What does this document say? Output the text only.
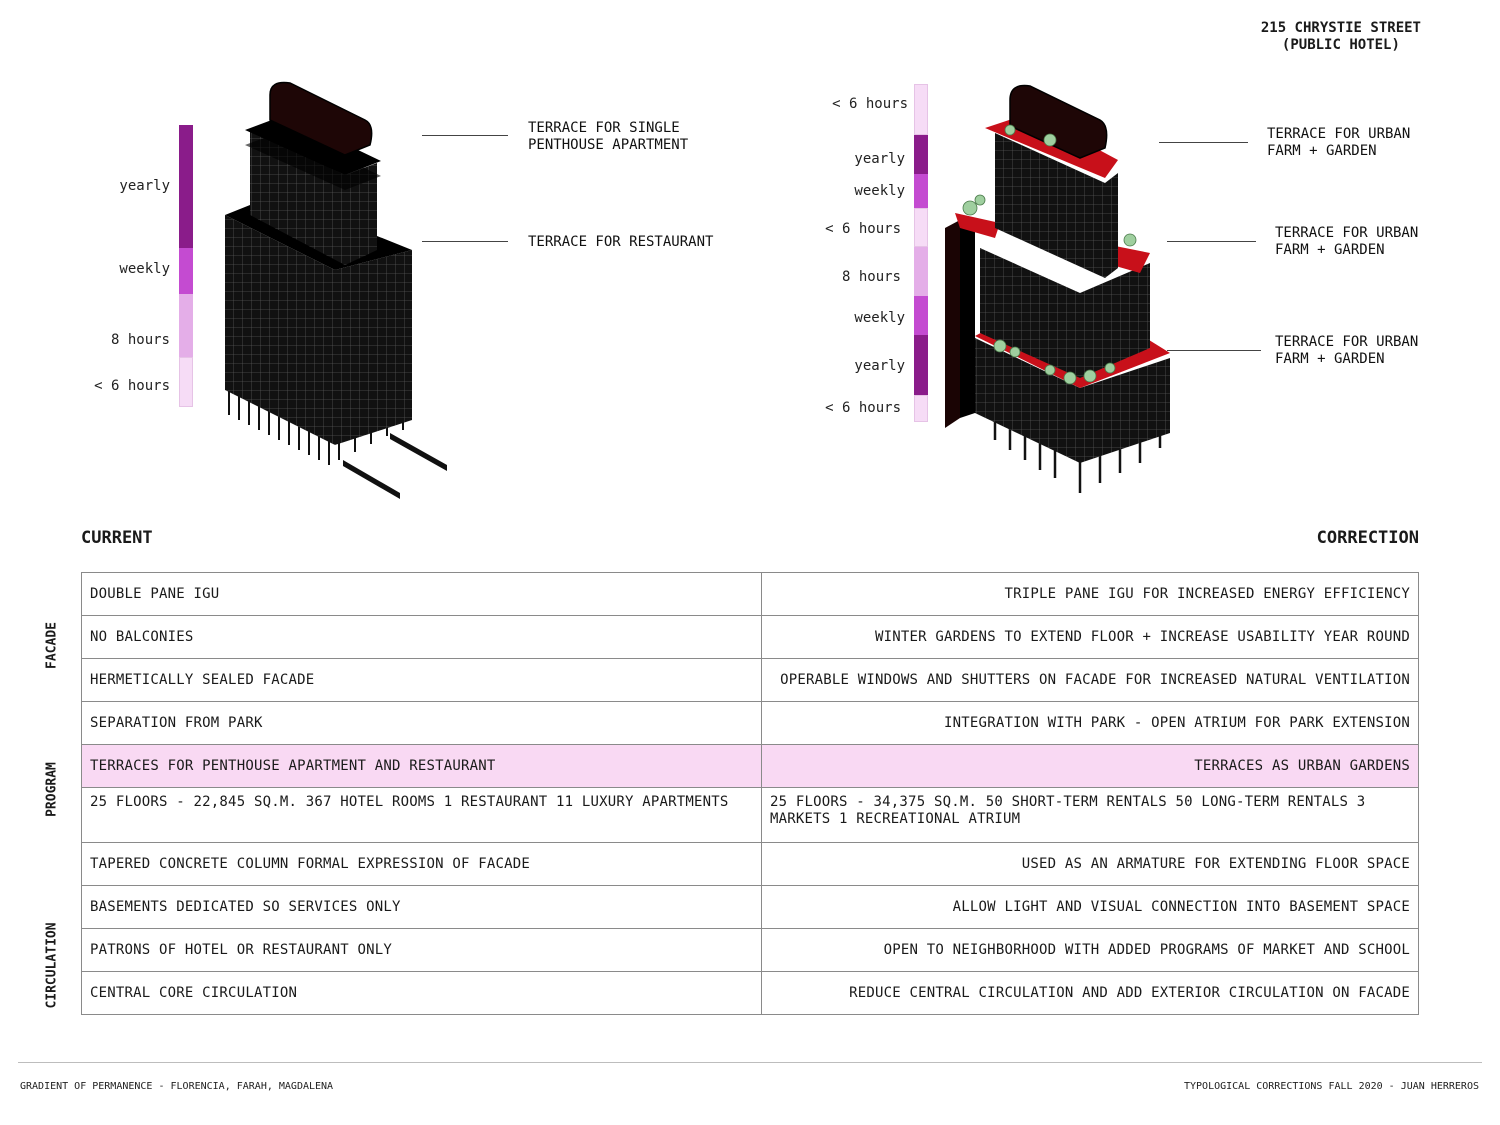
215 CHRYSTIE STREET
(PUBLIC HOTEL)
yearly
weekly
8 hours
< 6 hours
TERRACE FOR SINGLE
PENTHOUSE APARTMENT
TERRACE FOR RESTAURANT
< 6 hours
yearly
weekly
< 6 hours
8 hours
weekly
yearly
< 6 hours
TERRACE FOR URBAN
FARM + GARDEN
TERRACE FOR URBAN
FARM + GARDEN
TERRACE FOR URBAN
FARM + GARDEN
CURRENT	CORRECTION
FACADE
PROGRAM
CIRCULATION
DOUBLE PANE IGU	TRIPLE PANE IGU FOR INCREASED ENERGY EFFICIENCY
NO BALCONIES	WINTER GARDENS TO EXTEND FLOOR + INCREASE USABILITY YEAR ROUND
HERMETICALLY SEALED FACADE	OPERABLE WINDOWS AND SHUTTERS ON FACADE FOR INCREASED NATURAL VENTILATION
SEPARATION FROM PARK	INTEGRATION WITH PARK - OPEN ATRIUM FOR PARK EXTENSION
TERRACES FOR PENTHOUSE APARTMENT AND RESTAURANT	TERRACES AS URBAN GARDENS
25 FLOORS - 22,845 SQ.M. 367 HOTEL ROOMS 1 RESTAURANT 11 LUXURY APARTMENTS	25 FLOORS - 34,375 SQ.M. 50 SHORT-TERM RENTALS 50 LONG-TERM RENTALS 3 MARKETS 1 RECREATIONAL ATRIUM
TAPERED CONCRETE COLUMN FORMAL EXPRESSION OF FACADE	USED AS AN ARMATURE FOR EXTENDING FLOOR SPACE
BASEMENTS DEDICATED SO SERVICES ONLY	ALLOW LIGHT AND VISUAL CONNECTION INTO BASEMENT SPACE
PATRONS OF HOTEL OR RESTAURANT ONLY	OPEN TO NEIGHBORHOOD WITH ADDED PROGRAMS OF MARKET AND SCHOOL
CENTRAL CORE CIRCULATION	REDUCE CENTRAL CIRCULATION AND ADD EXTERIOR CIRCULATION ON FACADE
GRADIENT OF PERMANENCE - FLORENCIA, FARAH, MAGDALENA	TYPOLOGICAL CORRECTIONS FALL 2020 - JUAN HERREROS
